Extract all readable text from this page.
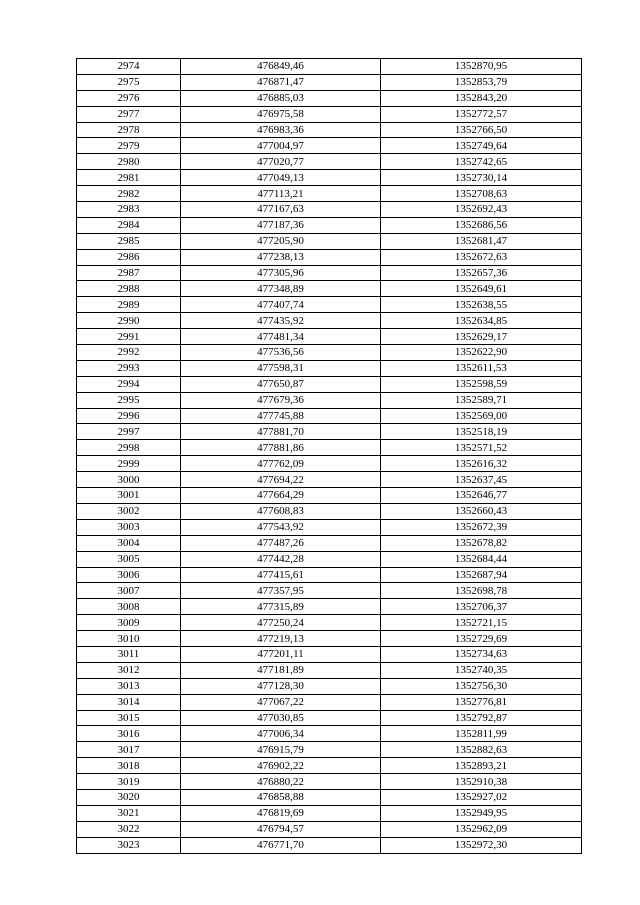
2974	476849,46	1352870,95
2975	476871,47	1352853,79
2976	476885,03	1352843,20
2977	476975,58	1352772,57
2978	476983,36	1352766,50
2979	477004,97	1352749,64
2980	477020,77	1352742,65
2981	477049,13	1352730,14
2982	477113,21	1352708,63
2983	477167,63	1352692,43
2984	477187,36	1352686,56
2985	477205,90	1352681,47
2986	477238,13	1352672,63
2987	477305,96	1352657,36
2988	477348,89	1352649,61
2989	477407,74	1352638,55
2990	477435,92	1352634,85
2991	477481,34	1352629,17
2992	477536,56	1352622,90
2993	477598,31	1352611,53
2994	477650,87	1352598,59
2995	477679,36	1352589,71
2996	477745,88	1352569,00
2997	477881,70	1352518,19
2998	477881,86	1352571,52
2999	477762,09	1352616,32
3000	477694,22	1352637,45
3001	477664,29	1352646,77
3002	477608,83	1352660,43
3003	477543,92	1352672,39
3004	477487,26	1352678,82
3005	477442,28	1352684,44
3006	477415,61	1352687,94
3007	477357,95	1352698,78
3008	477315,89	1352706,37
3009	477250,24	1352721,15
3010	477219,13	1352729,69
3011	477201,11	1352734,63
3012	477181,89	1352740,35
3013	477128,30	1352756,30
3014	477067,22	1352776,81
3015	477030,85	1352792,87
3016	477006,34	1352811,99
3017	476915,79	1352882,63
3018	476902,22	1352893,21
3019	476880,22	1352910,38
3020	476858,88	1352927,02
3021	476819,69	1352949,95
3022	476794,57	1352962,09
3023	476771,70	1352972,30
